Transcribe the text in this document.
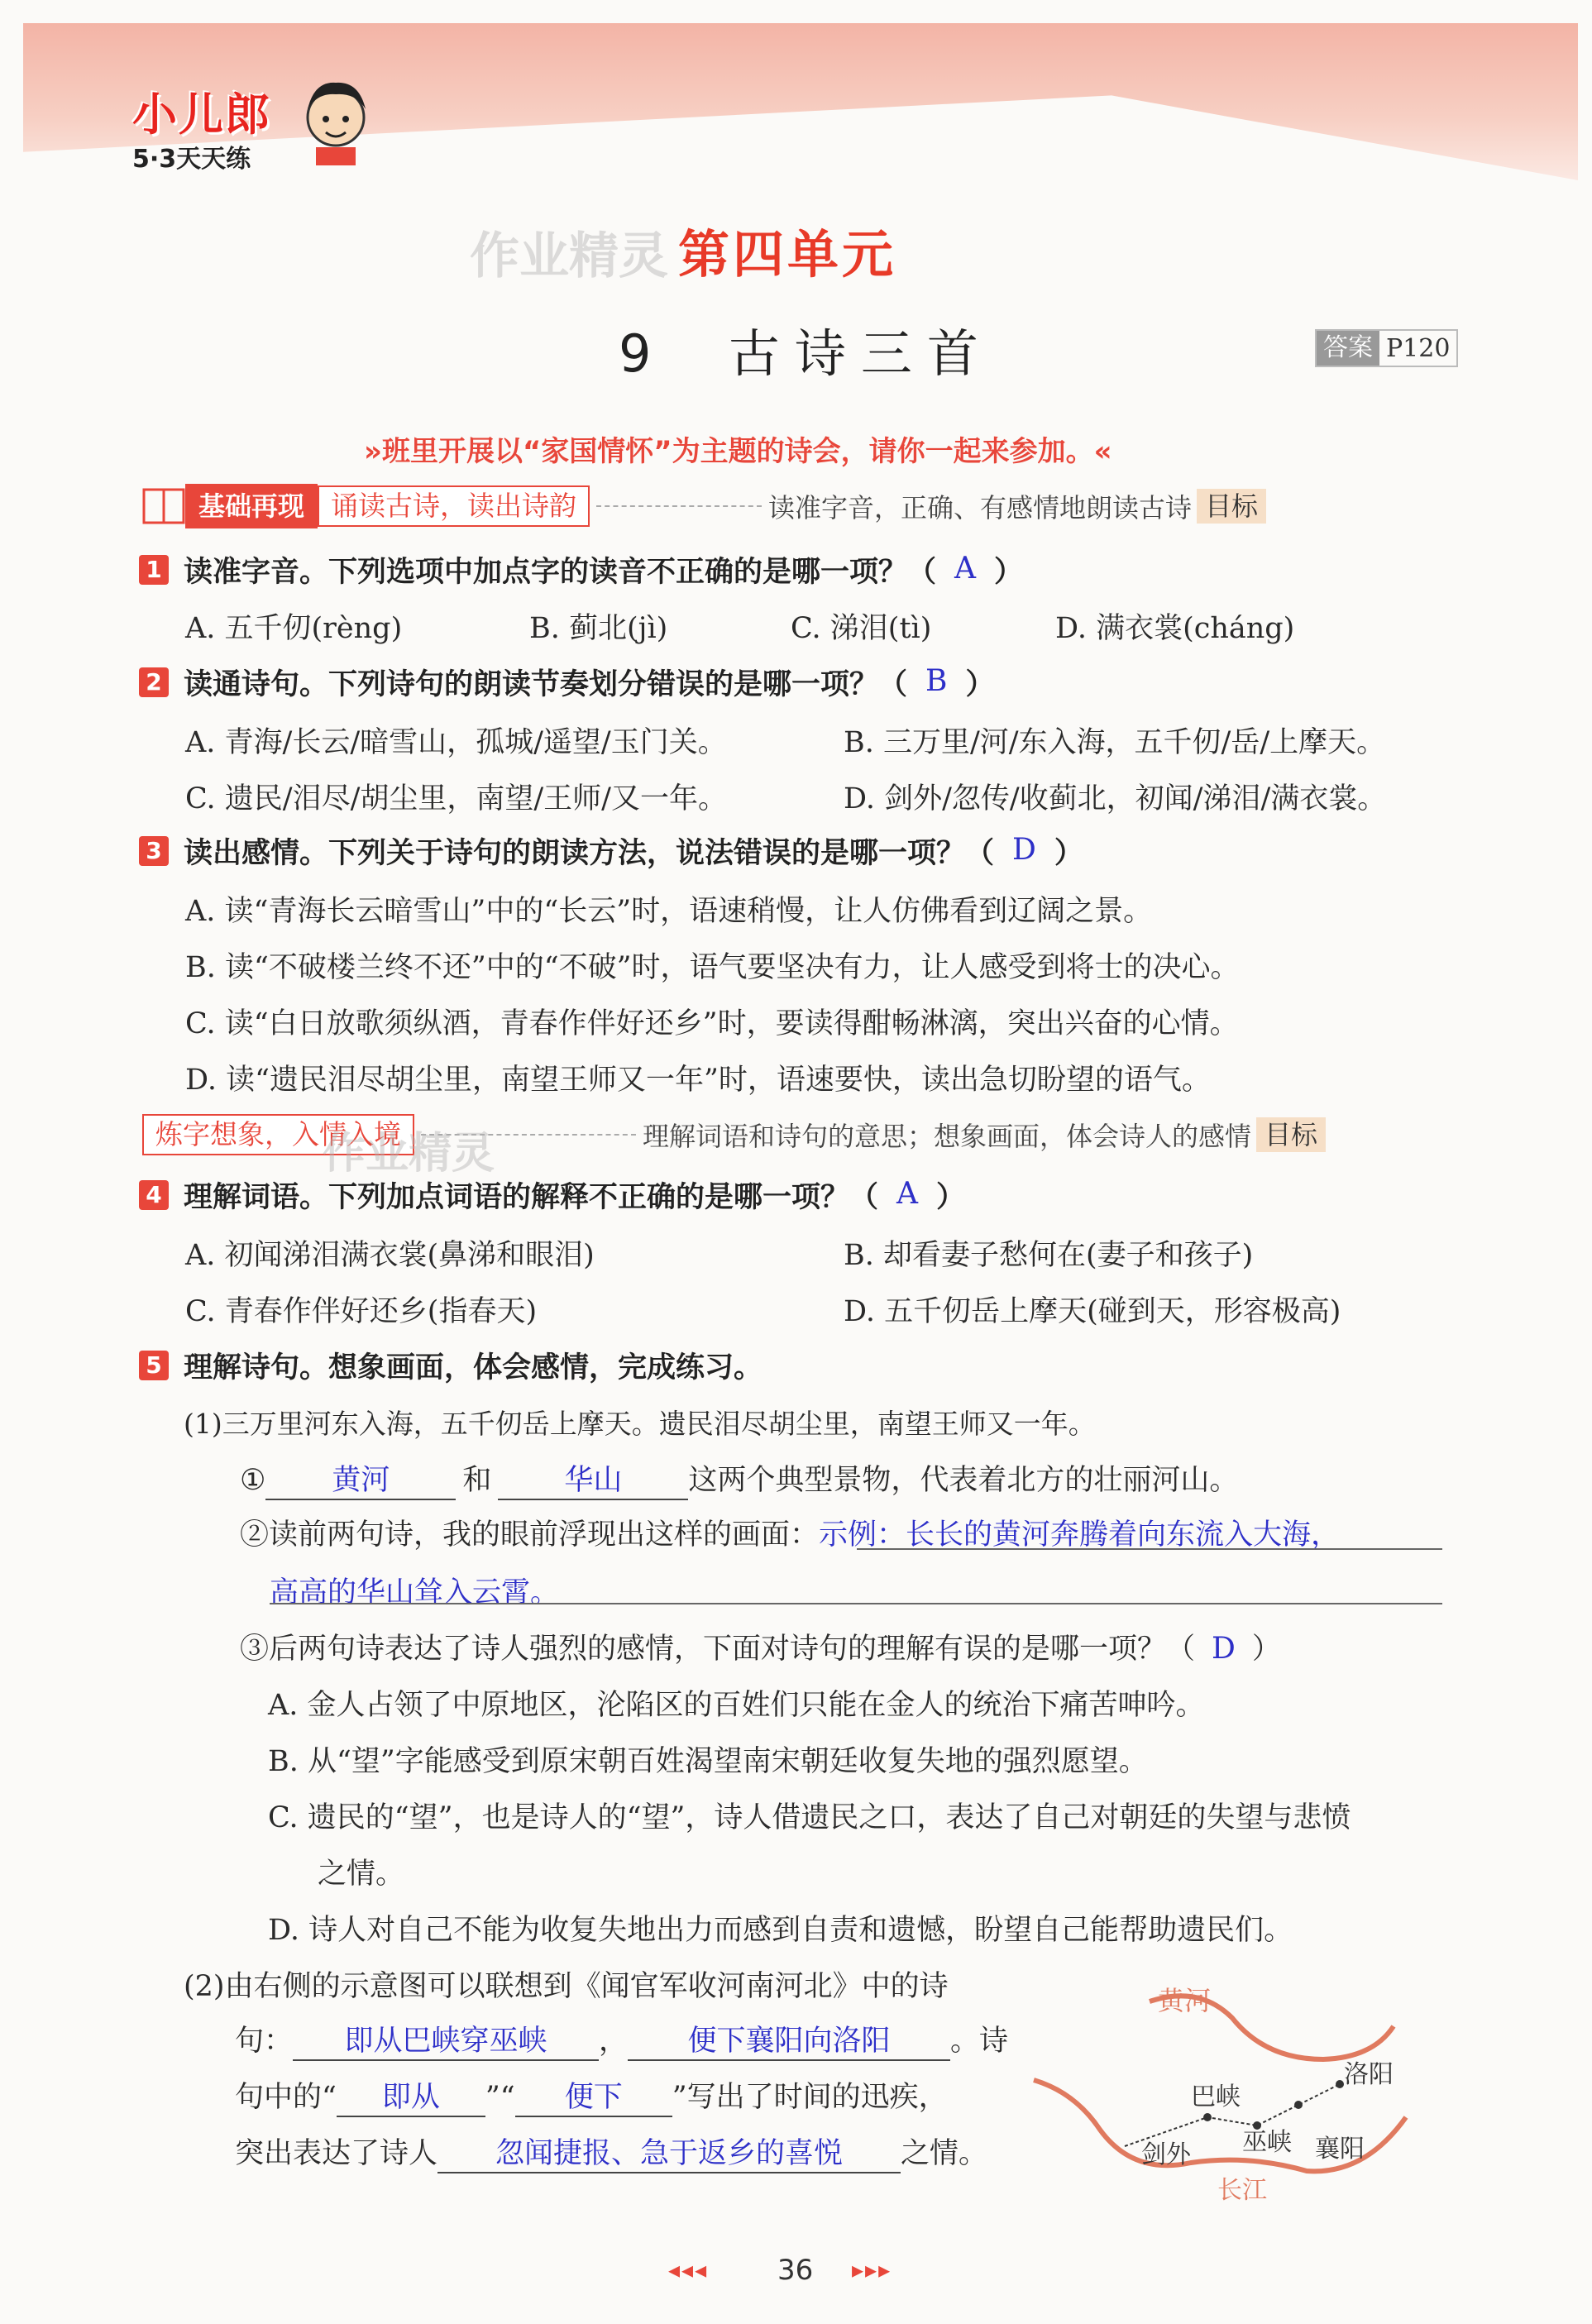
小儿郎
5·3天天练
作业精灵 第四单元
9 古诗三首	答案 P120
»班里开展以“家国情怀”为主题的诗会，请你一起来参加。«
基础再现 诵读古诗，读出诗韵	读准字音，正确、有感情地朗读古诗 目标
1 读准字音。下列选项中加点字的读音不正确的是哪一项？（ A ）
A. 五千仞(rèng)	B. 蓟北(jì)	C. 涕泪(tì)	D. 满衣裳(cháng)
2 读通诗句。下列诗句的朗读节奏划分错误的是哪一项？（ B ）
A. 青海/长云/暗雪山，孤城/遥望/玉门关。	B. 三万里/河/东入海，五千仞/岳/上摩天。
C. 遗民/泪尽/胡尘里，南望/王师/又一年。	D. 剑外/忽传/收蓟北，初闻/涕泪/满衣裳。
3 读出感情。下列关于诗句的朗读方法，说法错误的是哪一项？（ D ）
A. 读“青海长云暗雪山”中的“长云”时，语速稍慢，让人仿佛看到辽阔之景。
B. 读“不破楼兰终不还”中的“不破”时，语气要坚决有力，让人感受到将士的决心。
C. 读“白日放歌须纵酒，青春作伴好还乡”时，要读得酣畅淋漓，突出兴奋的心情。
D. 读“遗民泪尽胡尘里，南望王师又一年”时，语速要快，读出急切盼望的语气。
炼字想象，入情入境	理解词语和诗句的意思；想象画面，体会诗人的感情 目标
作业精灵
4 理解词语。下列加点词语的解释不正确的是哪一项？（ A ）
A. 初闻涕泪满衣裳(鼻涕和眼泪)	B. 却看妻子愁何在(妻子和孩子)
C. 青春作伴好还乡(指春天)	D. 五千仞岳上摩天(碰到天，形容极高)
5 理解诗句。想象画面，体会感情，完成练习。
(1)三万里河东入海，五千仞岳上摩天。遗民泪尽胡尘里，南望王师又一年。
① 黄河	和	华山 这两个典型景物，代表着北方的壮丽河山。
②读前两句诗，我的眼前浮现出这样的画面：示例：长长的黄河奔腾着向东流入大海，
高高的华山耸入云霄。
③后两句诗表达了诗人强烈的感情，下面对诗句的理解有误的是哪一项？（ D ）
A. 金人占领了中原地区，沦陷区的百姓们只能在金人的统治下痛苦呻吟。
B. 从“望”字能感受到原宋朝百姓渴望南宋朝廷收复失地的强烈愿望。
C. 遗民的“望”，也是诗人的“望”，诗人借遗民之口，表达了自己对朝廷的失望与悲愤
之情。
D. 诗人对自己不能为收复失地出力而感到自责和遗憾，盼望自己能帮助遗民们。
(2)由右侧的示意图可以联想到《闻官军收河南河北》中的诗
句： 即从巴峡穿巫峡 ， 便下襄阳向洛阳 。诗
句中的“ 即从 ”“ 便下 ”写出了时间的迅疾，
突出表达了诗人 忽闻捷报、急于返乡的喜悦 之情。
黄河
巴峡
洛阳
剑外 巫峡 襄阳
长江
◂◂◂ 36 ▸▸▸
